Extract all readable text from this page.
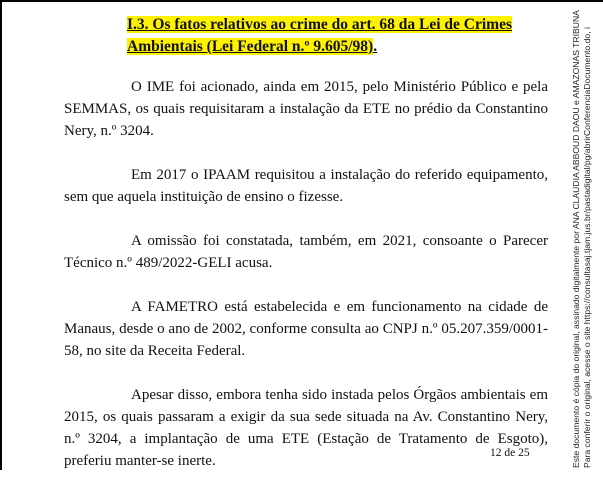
I.3. Os fatos relativos ao crime do art. 68 da Lei de Crimes
Ambientais (Lei Federal n.º 9.605/98).

O IME foi acionado, ainda em 2015, pelo Ministério Público e pela SEMMAS, os quais requisitaram a instalação da ETE no prédio da Constantino Nery, n.º 3204.

Em 2017 o IPAAM requisitou a instalação do referido equipamento, sem que aquela instituição de ensino o fizesse.

A omissão foi constatada, também, em 2021, consoante o Parecer Técnico n.º 489/2022-GELI acusa.

A FAMETRO está estabelecida e em funcionamento na cidade de Manaus, desde o ano de 2002, conforme consulta ao CNPJ n.º 05.207.359/0001-58, no site da Receita Federal.

Apesar disso, embora tenha sido instada pelos Órgãos ambientais em 2015, os quais passaram a exigir da sua sede situada na Av. Constantino Nery, n.º 3204, a implantação de uma ETE (Estação de Tratamento de Esgoto), preferiu manter-se inerte.	12 de 25	Este documento é cópia do original, assinado digitalmente por ANA CLAUDIA ABBOUD DAOU e AMAZONAS TRIBUNA Para conferir o original, acesse o site https://consultasaj.tjam.jus.br/pastadigital/pg/abrirConferenciaDocumento.do, i
